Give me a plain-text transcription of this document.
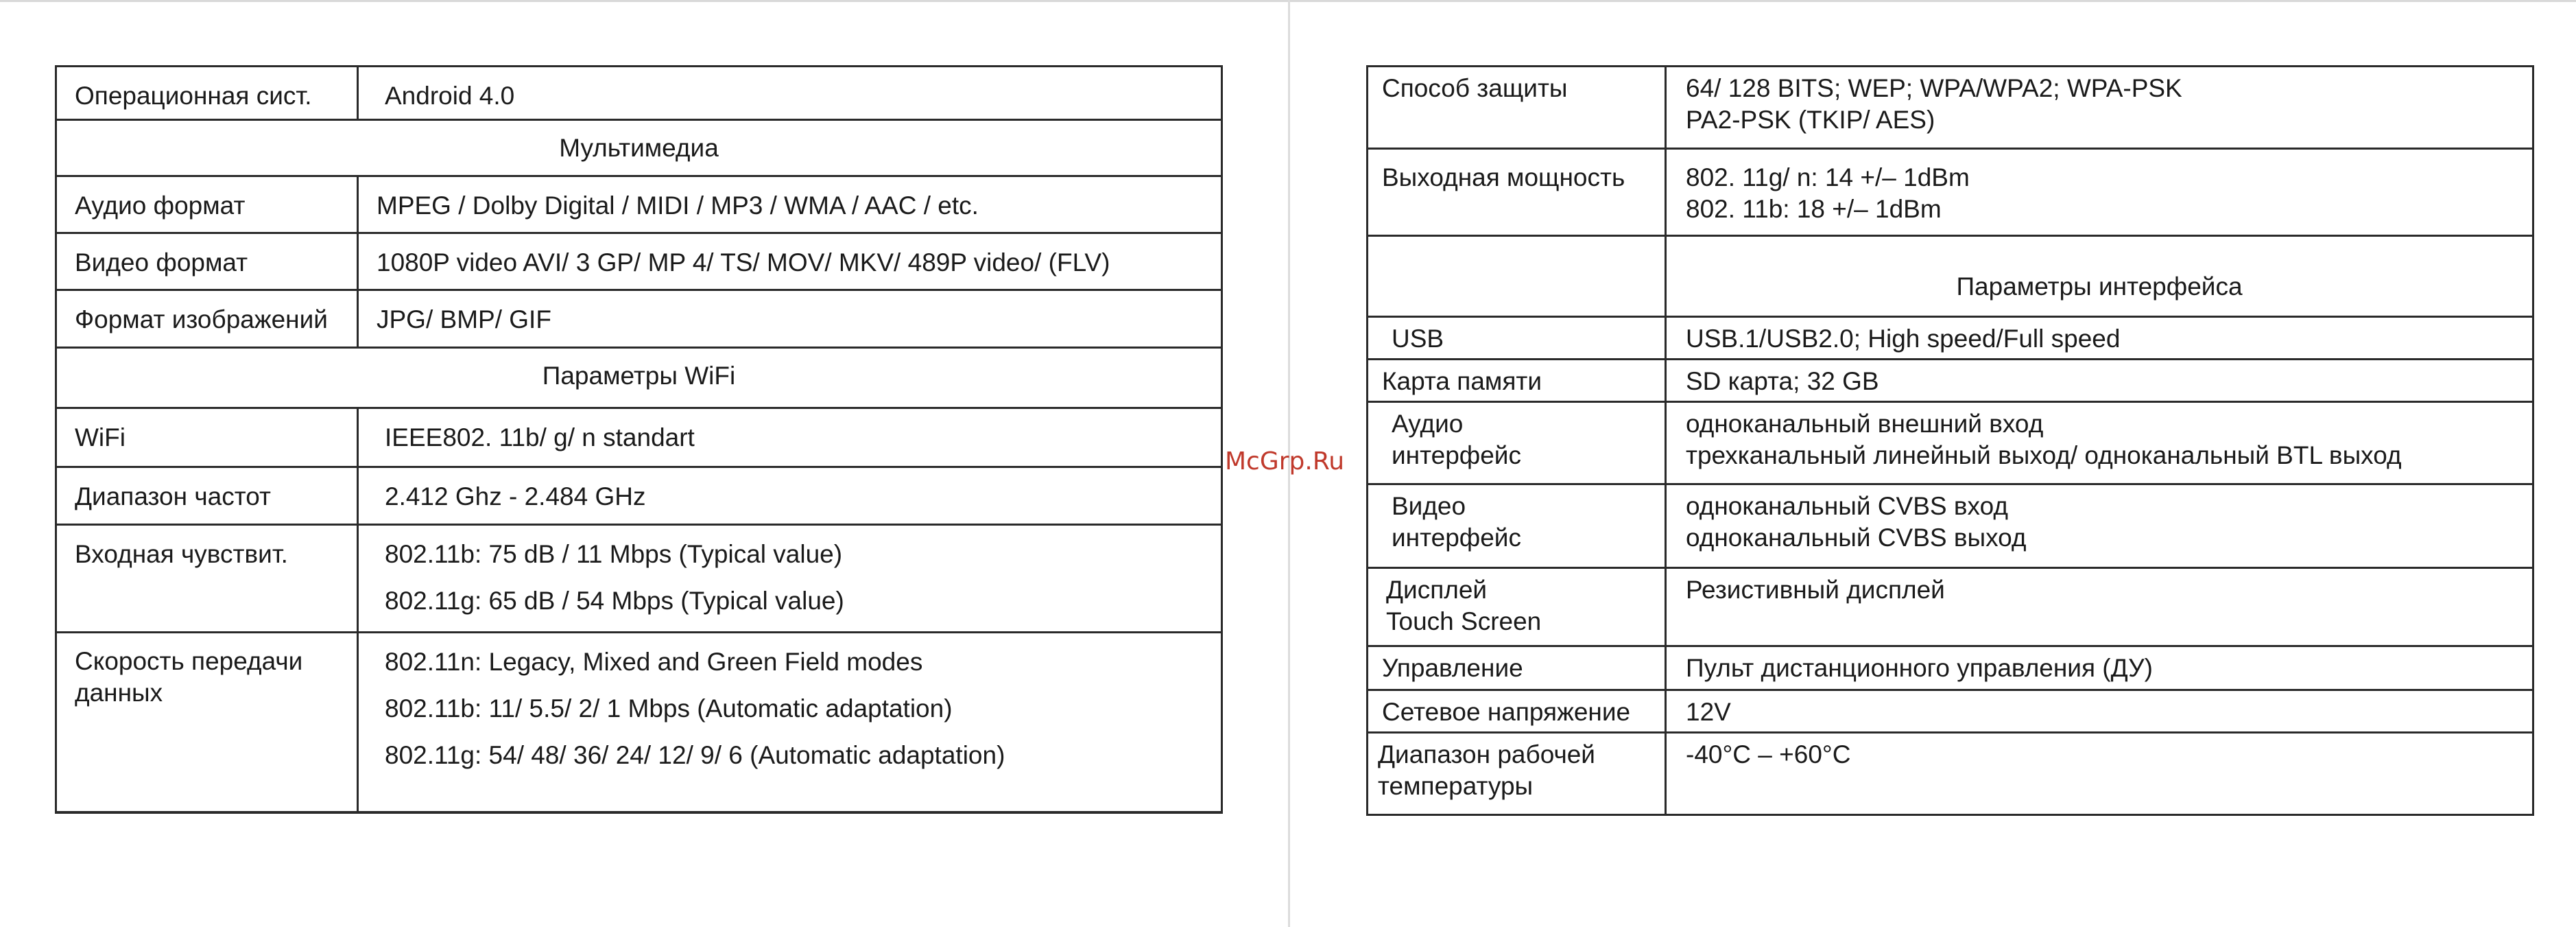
Операционная сист.	Android 4.0

Мультимедиа	

Аудио формат	MPEG / Dolby Digital / MIDI / MP3 / WMA / AAC / etc.

Видео формат	1080P video AVI/ 3 GP/ MP 4/ TS/ MOV/ MKV/ 489P video/ (FLV)

Формат изображений	JPG/ BMP/ GIF

Параметры WiFi	

WiFi	IEEE802. 11b/ g/ n standart

Диапазон частот	2.412 Ghz - 2.484 GHz

Входная чувствит.	802.11b: 75 dB / 11 Mbps (Typical value)
802.11g: 65 dB / 54 Mbps (Typical value)

Скорость передачи
данных	802.11n: Legacy, Mixed and Green Field modes
802.11b: 11/ 5.5/ 2/ 1 Mbps (Automatic adaptation)
802.11g: 54/ 48/ 36/ 24/ 12/ 9/ 6 (Automatic adaptation)
Способ защиты	64/ 128 BITS; WEP; WPA/WPA2; WPA-PSK
PA2-PSK (TKIP/ AES)

Выходная мощность	802. 11g/ n: 14 +/– 1dBm
802. 11b: 18 +/– 1dBm

	Параметры интерфейса

USB	USB.1/USB2.0; High speed/Full speed

Карта памяти	SD карта; 32 GB

Аудио
интерфейс	одноканальный внешний вход
трехканальный линейный выход/ одноканальный BTL выход

Видео
интерфейс	одноканальный CVBS вход
одноканальный CVBS выход

Дисплей
Touch Screen	Резистивный дисплей

Управление	Пульт дистанционного управления (ДУ)

Сетевое напряжение	12V

Диапазон рабочей
температуры	-40°C – +60°C
McGrp.Ru
